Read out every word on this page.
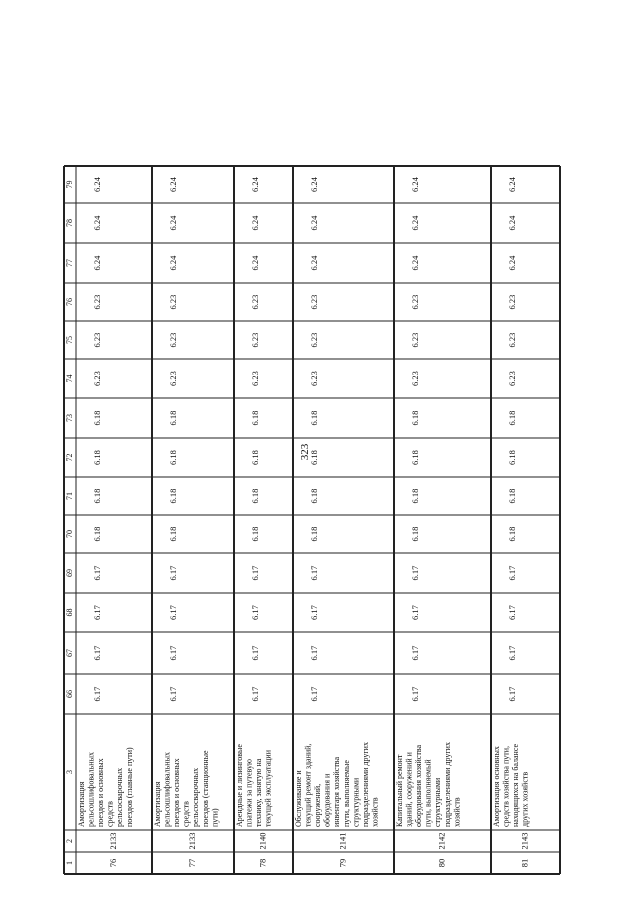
323
66
67
68
69
70
71
72
73
74
75
76
77
78
79
3
2
1
6.17
6.17
6.17
6.17
6.18
6.18
6.18
6.18
6.23
6.23
6.23
6.24
6.24
6.24
2133
76
Амортизация рельсошлифовальных поездов и основных средств рельсосварочных поездов (главные пути)
6.17
6.17
6.17
6.17
6.18
6.18
6.18
6.18
6.23
6.23
6.23
6.24
6.24
6.24
2133
77
Амортизация рельсошлифовальных поездов и основных средств рельсосварочных поездов (станционные пути)
6.17
6.17
6.17
6.17
6.18
6.18
6.18
6.18
6.23
6.23
6.23
6.24
6.24
6.24
2140
78
Арендные и лизинговые платежи за путевую технику, занятую на текущей эксплуатации
6.17
6.17
6.17
6.17
6.18
6.18
6.18
6.18
6.23
6.23
6.23
6.24
6.24
6.24
2141
79
Обслуживание и текущий ремонт зданий, сооружений, оборудования и инвентаря хозяйства пути, выполняемые структурными подразделениями других хозяйств
6.17
6.17
6.17
6.17
6.18
6.18
6.18
6.18
6.23
6.23
6.23
6.24
6.24
6.24
2142
80
Капитальный ремонт зданий, сооружений и оборудования хозяйства пути, выполняемый структурными подразделениями других хозяйств
6.17
6.17
6.17
6.17
6.18
6.18
6.18
6.18
6.23
6.23
6.23
6.24
6.24
6.24
2143
81
Амортизация основных средств хозяйства пути, находящихся на балансе других хозяйств
